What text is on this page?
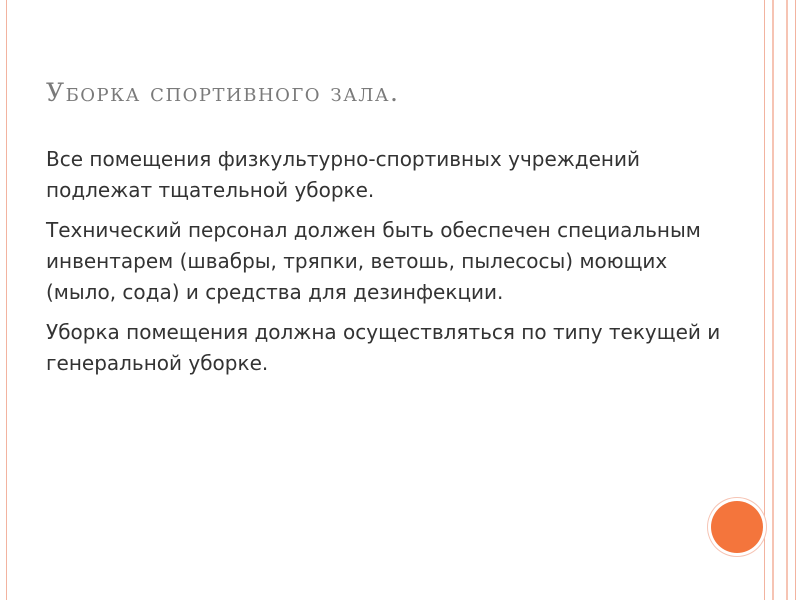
Уборка спортивного зала.

Все помещения физкультурно-спортивных учреждений подлежат тщательной уборке.

Технический персонал должен быть обеспечен специальным инвентарем (швабры, тряпки, ветошь, пылесосы) моющих (мыло, сода) и средства для дезинфекции.

Уборка помещения должна осуществляться по типу текущей и генеральной уборке.
